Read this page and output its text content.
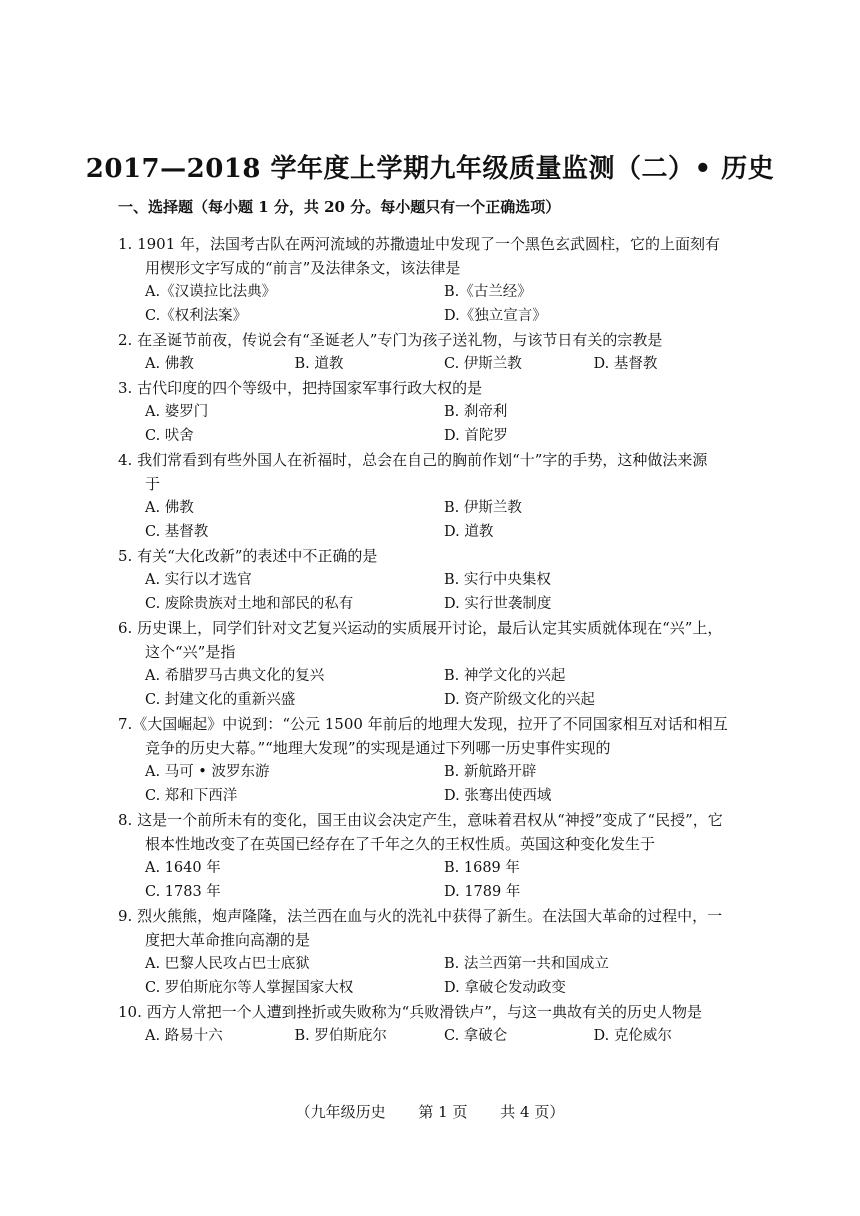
2017—2018 学年度上学期九年级质量监测（二）• 历史
一、选择题（每小题 1 分，共 20 分。每小题只有一个正确选项）
1. 1901 年，法国考古队在两河流域的苏撒遗址中发现了一个黑色玄武圆柱，它的上面刻有
用楔形文字写成的“前言”及法律条文，该法律是
A.《汉谟拉比法典》	B.《古兰经》
C.《权利法案》	D.《独立宣言》
2. 在圣诞节前夜，传说会有“圣诞老人”专门为孩子送礼物，与该节日有关的宗教是
A. 佛教	B. 道教	C. 伊斯兰教	D. 基督教
3. 古代印度的四个等级中，把持国家军事行政大权的是
A. 婆罗门	B. 刹帝利
C. 吠舍	D. 首陀罗
4. 我们常看到有些外国人在祈福时，总会在自己的胸前作划“十”字的手势，这种做法来源
于
A. 佛教	B. 伊斯兰教
C. 基督教	D. 道教
5. 有关“大化改新”的表述中不正确的是
A. 实行以才选官	B. 实行中央集权
C. 废除贵族对土地和部民的私有	D. 实行世袭制度
6. 历史课上，同学们针对文艺复兴运动的实质展开讨论，最后认定其实质就体现在“兴”上，
这个“兴”是指
A. 希腊罗马古典文化的复兴	B. 神学文化的兴起
C. 封建文化的重新兴盛	D. 资产阶级文化的兴起
7.《大国崛起》中说到：“公元 1500 年前后的地理大发现，拉开了不同国家相互对话和相互
竞争的历史大幕。”“地理大发现”的实现是通过下列哪一历史事件实现的
A. 马可 • 波罗东游	B. 新航路开辟
C. 郑和下西洋	D. 张骞出使西域
8. 这是一个前所未有的变化，国王由议会决定产生，意味着君权从“神授”变成了“民授”，它
根本性地改变了在英国已经存在了千年之久的王权性质。英国这种变化发生于
A. 1640 年	B. 1689 年
C. 1783 年	D. 1789 年
9. 烈火熊熊，炮声隆隆，法兰西在血与火的洗礼中获得了新生。在法国大革命的过程中，一
度把大革命推向高潮的是
A. 巴黎人民攻占巴士底狱	B. 法兰西第一共和国成立
C. 罗伯斯庇尔等人掌握国家大权	D. 拿破仑发动政变
10. 西方人常把一个人遭到挫折或失败称为“兵败滑铁卢”，与这一典故有关的历史人物是
A. 路易十六	B. 罗伯斯庇尔	C. 拿破仑	D. 克伦威尔
（九年级历史 第 1 页 共 4 页）
